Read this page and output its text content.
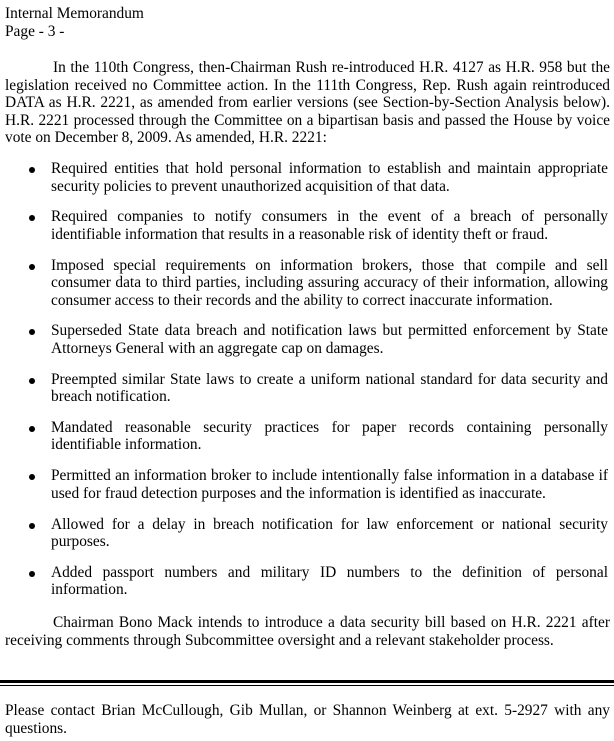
Internal Memorandum
Page - 3 -
In the 110th Congress, then-Chairman Rush re-introduced H.R. 4127 as H.R. 958 but the
legislation received no Committee action. In the 111th Congress, Rep. Rush again reintroduced
DATA as H.R. 2221, as amended from earlier versions (see Section-by-Section Analysis below).
H.R. 2221 processed through the Committee on a bipartisan basis and passed the House by voice
vote on December 8, 2009. As amended, H.R. 2221:
Required entities that hold personal information to establish and maintain appropriate
security policies to prevent unauthorized acquisition of that data.
Required companies to notify consumers in the event of a breach of personally
identifiable information that results in a reasonable risk of identity theft or fraud.
Imposed special requirements on information brokers, those that compile and sell
consumer data to third parties, including assuring accuracy of their information, allowing
consumer access to their records and the ability to correct inaccurate information.
Superseded State data breach and notification laws but permitted enforcement by State
Attorneys General with an aggregate cap on damages.
Preempted similar State laws to create a uniform national standard for data security and
breach notification.
Mandated reasonable security practices for paper records containing personally
identifiable information.
Permitted an information broker to include intentionally false information in a database if
used for fraud detection purposes and the information is identified as inaccurate.
Allowed for a delay in breach notification for law enforcement or national security
purposes.
Added passport numbers and military ID numbers to the definition of personal
information.
Chairman Bono Mack intends to introduce a data security bill based on H.R. 2221 after
receiving comments through Subcommittee oversight and a relevant stakeholder process.
Please contact Brian McCullough, Gib Mullan, or Shannon Weinberg at ext. 5-2927 with any
questions.
